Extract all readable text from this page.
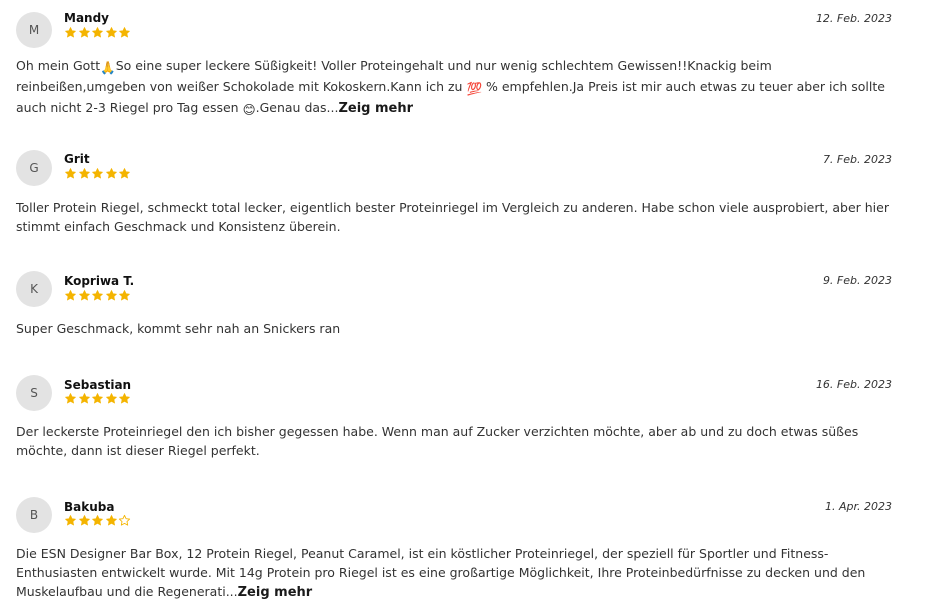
M
Mandy	12. Feb. 2023

Oh mein Gott🙏So eine super leckere Süßigkeit! Voller Proteingehalt und nur wenig schlechtem Gewissen!!Knackig beim reinbeißen,umgeben von weißer Schokolade mit Kokoskern.Kann ich zu 💯 % empfehlen.Ja Preis ist mir auch etwas zu teuer aber ich sollte auch nicht 2-3 Riegel pro Tag essen 😊.Genau das...Zeig mehr

G
Grit	7. Feb. 2023

Toller Protein Riegel, schmeckt total lecker, eigentlich bester Proteinriegel im Vergleich zu anderen. Habe schon viele ausprobiert, aber hier stimmt einfach Geschmack und Konsistenz überein.

K
Kopriwa T.	9. Feb. 2023

Super Geschmack, kommt sehr nah an Snickers ran

S
Sebastian	16. Feb. 2023

Der leckerste Proteinriegel den ich bisher gegessen habe. Wenn man auf Zucker verzichten möchte, aber ab und zu doch etwas süßes möchte, dann ist dieser Riegel perfekt.

B
Bakuba	1. Apr. 2023

Die ESN Designer Bar Box, 12 Protein Riegel, Peanut Caramel, ist ein köstlicher Proteinriegel, der speziell für Sportler und Fitness-Enthusiasten entwickelt wurde. Mit 14g Protein pro Riegel ist es eine großartige Möglichkeit, Ihre Proteinbedürfnisse zu decken und den Muskelaufbau und die Regenerati...Zeig mehr
